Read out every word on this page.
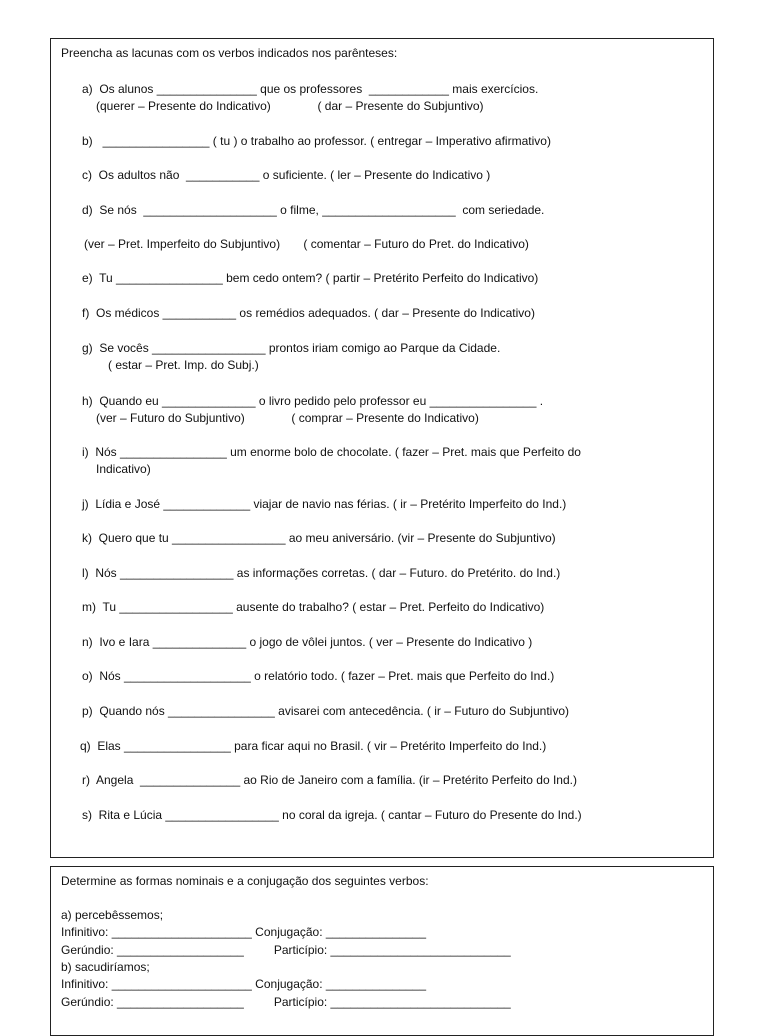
Preencha as lacunas com os verbos indicados nos parênteses:
a)  Os alunos _______________ que os professores  ____________ mais exercícios.
(querer – Presente do Indicativo)              ( dar – Presente do Subjuntivo)
b)   ________________ ( tu ) o trabalho ao professor. ( entregar – Imperativo afirmativo)
c)  Os adultos não  ___________ o suficiente. ( ler – Presente do Indicativo )
d)  Se nós  ____________________ o filme, ____________________  com seriedade.
(ver – Pret. Imperfeito do Subjuntivo)       ( comentar – Futuro do Pret. do Indicativo)
e)  Tu ________________ bem cedo ontem? ( partir – Pretérito Perfeito do Indicativo)
f)  Os médicos ___________ os remédios adequados. ( dar – Presente do Indicativo)
g)  Se vocês _________________ prontos iriam comigo ao Parque da Cidade.
( estar – Pret. Imp. do Subj.)
h)  Quando eu ______________ o livro pedido pelo professor eu ________________ .
(ver – Futuro do Subjuntivo)              ( comprar – Presente do Indicativo)
i)  Nós ________________ um enorme bolo de chocolate. ( fazer – Pret. mais que Perfeito do
Indicativo)
j)  Lídia e José _____________ viajar de navio nas férias. ( ir – Pretérito Imperfeito do Ind.)
k)  Quero que tu _________________ ao meu aniversário. (vir – Presente do Subjuntivo)
l)  Nós _________________ as informações corretas. ( dar – Futuro. do Pretérito. do Ind.)
m)  Tu _________________ ausente do trabalho? ( estar – Pret. Perfeito do Indicativo)
n)  Ivo e Iara ______________ o jogo de vôlei juntos. ( ver – Presente do Indicativo )
o)  Nós ___________________ o relatório todo. ( fazer – Pret. mais que Perfeito do Ind.)
p)  Quando nós ________________ avisarei com antecedência. ( ir – Futuro do Subjuntivo)
q)  Elas ________________ para ficar aqui no Brasil. ( vir – Pretérito Imperfeito do Ind.)
r)  Angela  _______________ ao Rio de Janeiro com a família. (ir – Pretérito Perfeito do Ind.)
s)  Rita e Lúcia _________________ no coral da igreja. ( cantar – Futuro do Presente do Ind.)
Determine as formas nominais e a conjugação dos seguintes verbos:
a) percebêssemos;
Infinitivo: _____________________ Conjugação: _______________
Gerúndio: ___________________         Particípio: ___________________________
b) sacudiríamos;
Infinitivo: _____________________ Conjugação: _______________
Gerúndio: ___________________         Particípio: ___________________________
